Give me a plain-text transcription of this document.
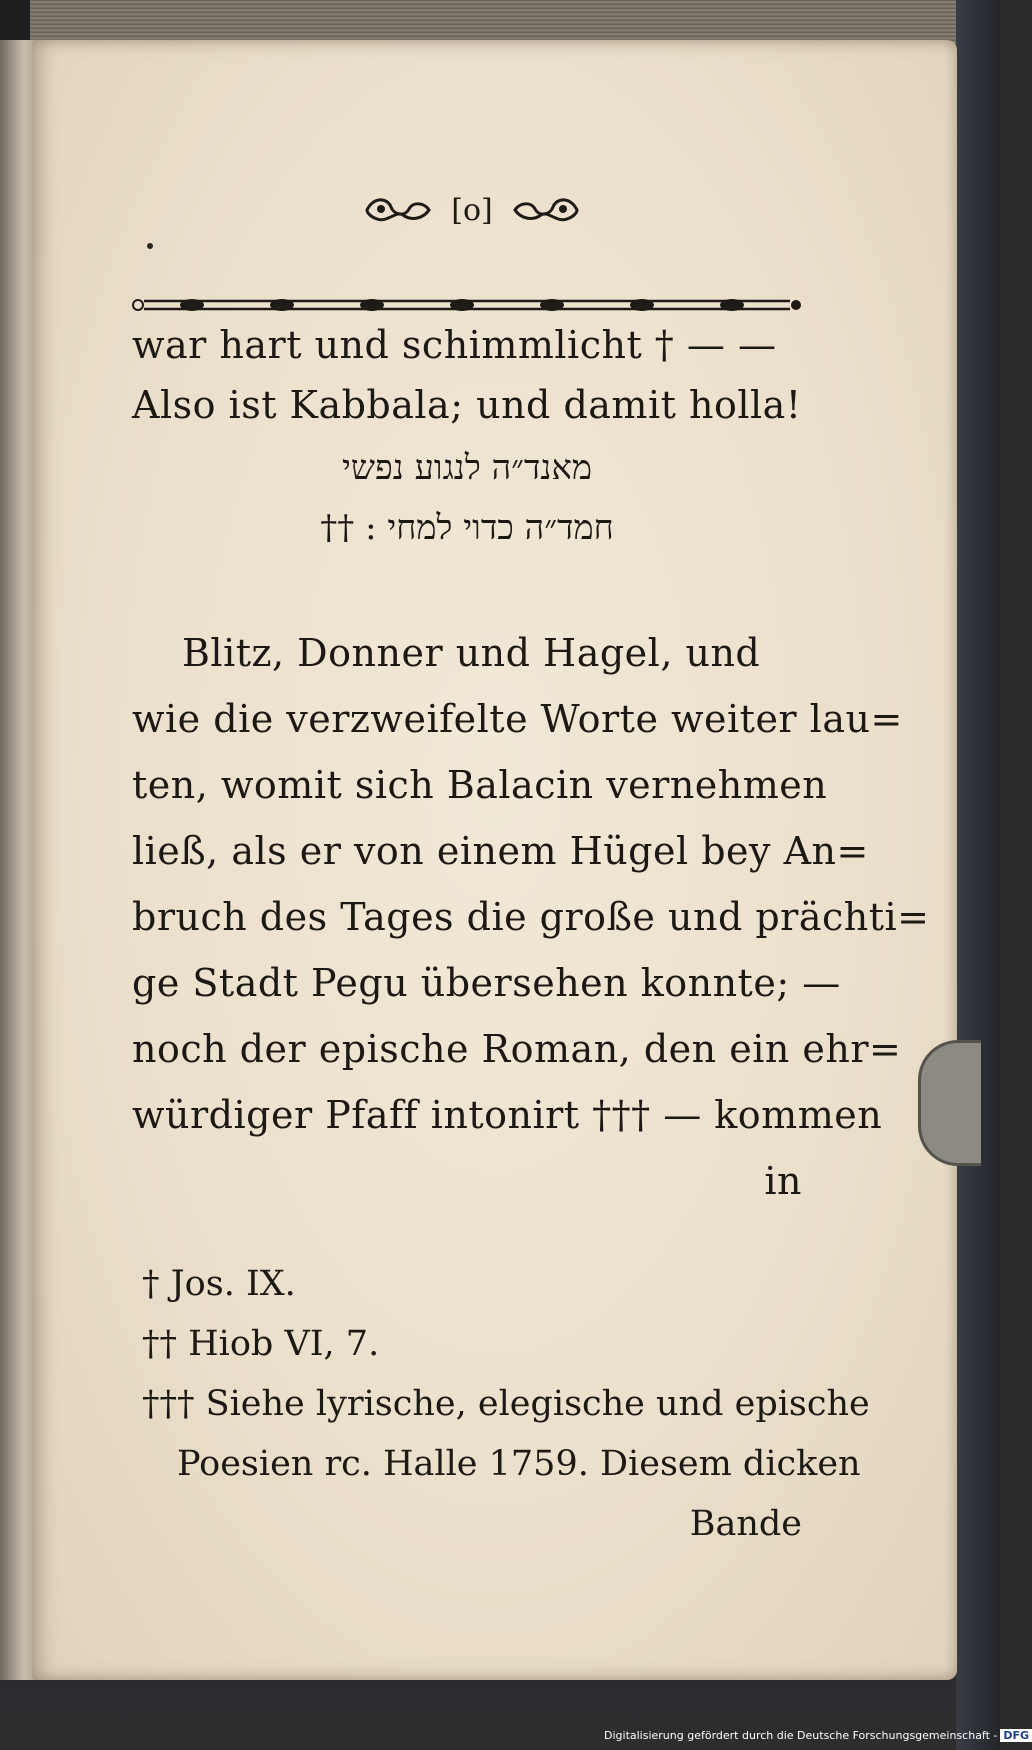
[o]
war hart und schimmlicht † — —
Also ist Kabbala; und damit holla!
מאנד״ה לנגוע נפשי
חמד״ה כדוי למחי : ††
Blitz, Donner und Hagel, und
wie die verzweifelte Worte weiter lau=
ten, womit sich Balacin vernehmen
ließ, als er von einem Hügel bey An=
bruch des Tages die große und prächti=
ge Stadt Pegu übersehen konnte; —
noch der epische Roman, den ein ehr=
würdiger Pfaff intonirt ††† — kommen
in
† Jos. IX.
†† Hiob VI, 7.
††† Siehe lyrische, elegische und epische
Poesien rc. Halle 1759. Diesem dicken
Bande
Digitalisierung gefördert durch die Deutsche Forschungsgemeinschaft - DFG
